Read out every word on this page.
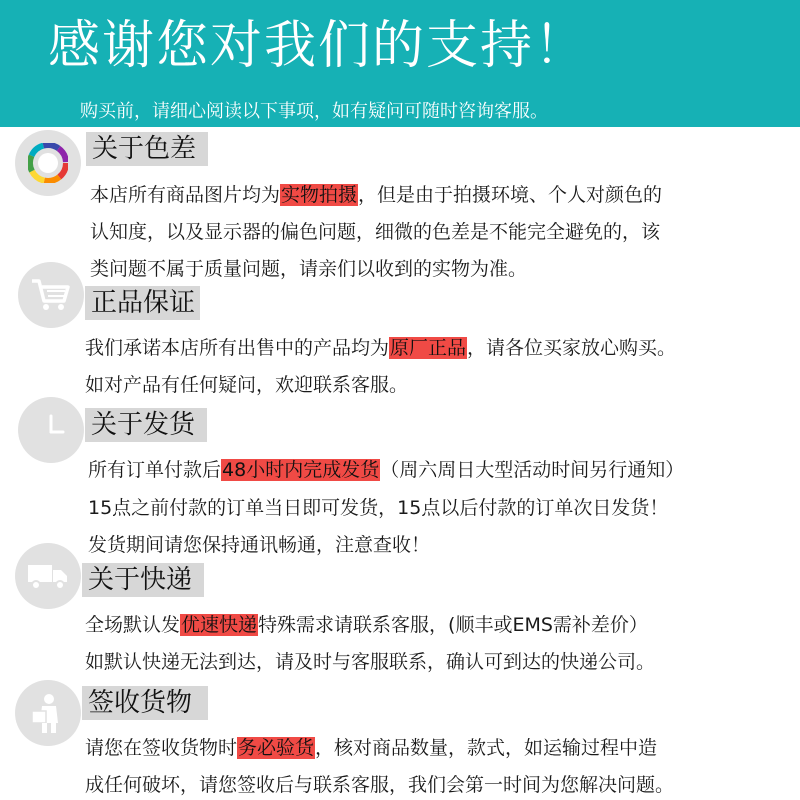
感谢您对我们的支持！
购买前，请细心阅读以下事项，如有疑问可随时咨询客服。
关于色差
本店所有商品图片均为实物拍摄，但是由于拍摄环境、个人对颜色的
认知度，以及显示器的偏色问题，细微的色差是不能完全避免的，该
类问题不属于质量问题，请亲们以收到的实物为准。
正品保证
我们承诺本店所有出售中的产品均为原厂正品，请各位买家放心购买。
如对产品有任何疑问，欢迎联系客服。
关于发货
所有订单付款后48小时内完成发货（周六周日大型活动时间另行通知）
15点之前付款的订单当日即可发货，15点以后付款的订单次日发货！
发货期间请您保持通讯畅通，注意查收！
关于快递
全场默认发优速快递特殊需求请联系客服，(顺丰或EMS需补差价）
如默认快递无法到达，请及时与客服联系，确认可到达的快递公司。
签收货物
请您在签收货物时务必验货，核对商品数量，款式，如运输过程中造
成任何破坏，请您签收后与联系客服，我们会第一时间为您解决问题。
